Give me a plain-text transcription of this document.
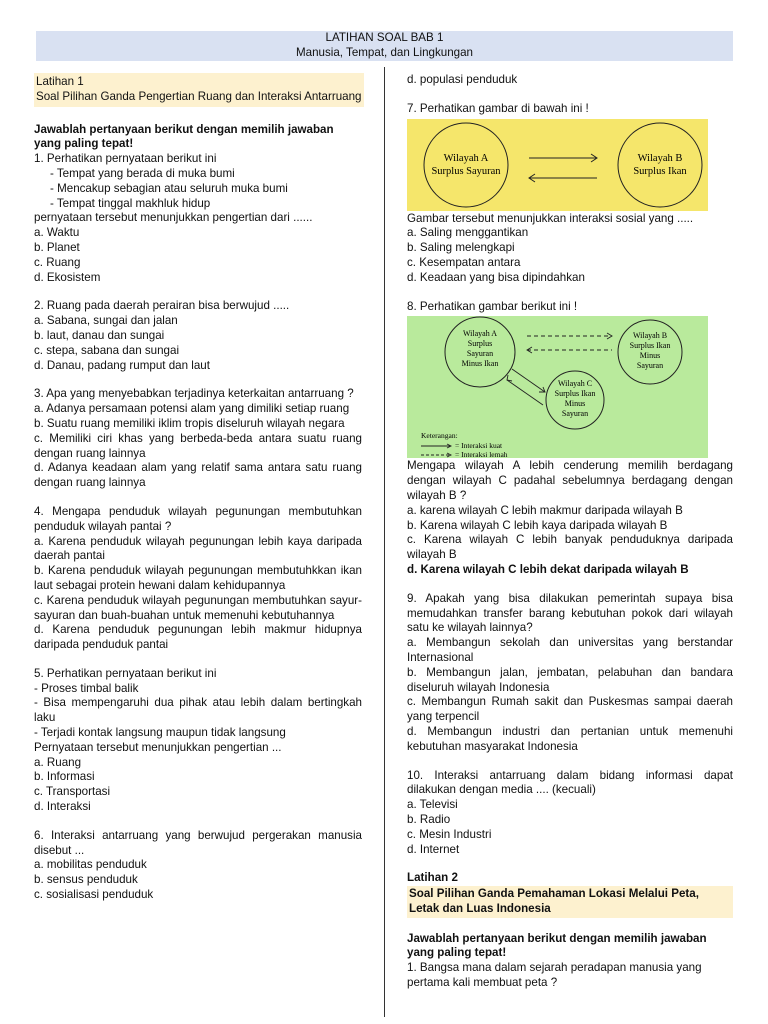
LATIHAN SOAL BAB 1
Manusia, Tempat, dan Lingkungan
Latihan 1
Soal Pilihan Ganda Pengertian Ruang dan Interaksi Antarruang
Jawablah pertanyaan berikut dengan memilih jawaban yang paling tepat!
1. Perhatikan pernyataan berikut ini
- Tempat yang berada di muka bumi
- Mencakup sebagian atau seluruh muka bumi
- Tempat tinggal makhluk hidup
pernyataan tersebut menunjukkan pengertian dari ......
a. Waktu
b. Planet
c. Ruang
d. Ekosistem
2. Ruang pada daerah perairan bisa berwujud .....
a. Sabana, sungai dan jalan
b. laut, danau dan sungai
c. stepa, sabana dan sungai
d. Danau, padang rumput dan laut
3. Apa yang menyebabkan terjadinya keterkaitan antarruang ?
a. Adanya persamaan potensi alam yang dimiliki setiap ruang
b. Suatu ruang memiliki iklim tropis diseluruh wilayah negara
c. Memiliki ciri khas yang berbeda-beda antara suatu ruang dengan ruang lainnya
d. Adanya keadaan alam yang relatif sama antara satu ruang dengan ruang lainnya
4. Mengapa penduduk wilayah pegunungan membutuhkan penduduk wilayah pantai ?
a. Karena penduduk wilayah pegunungan lebih kaya daripada daerah pantai
b. Karena penduduk wilayah pegunungan membutuhkkan ikan laut sebagai protein hewani dalam kehidupannya
c. Karena penduduk wilayah pegunungan membutuhkan sayur-sayuran dan buah-buahan untuk memenuhi kebutuhannya
d. Karena penduduk pegunungan lebih makmur hidupnya daripada penduduk pantai
5. Perhatikan pernyataan berikut ini
- Proses timbal balik
- Bisa mempengaruhi dua pihak atau lebih dalam bertingkah laku
- Terjadi kontak langsung maupun tidak langsung
Pernyataan tersebut menunjukkan pengertian ...
a. Ruang
b. Informasi
c. Transportasi
d. Interaksi
6. Interaksi antarruang yang berwujud pergerakan manusia disebut ...
a. mobilitas penduduk
b. sensus penduduk
c. sosialisasi penduduk
d. populasi penduduk
7. Perhatikan gambar di bawah ini !
Wilayah A
Surplus Sayuran
Wilayah B
Surplus Ikan
Gambar tersebut menunjukkan interaksi sosial yang .....
a. Saling menggantikan
b. Saling melengkapi
c. Kesempatan antara
d. Keadaan yang bisa dipindahkan
8. Perhatikan gambar berikut ini !
Wilayah A
Surplus
Sayuran
Minus Ikan
Wilayah B
Surplus Ikan
Minus
Sayuran
Wilayah C
Surplus Ikan
Minus
Sayuran
Keterangan:
= Interaksi kuat
= Interaksi lemah
Mengapa wilayah A lebih cenderung memilih berdagang dengan wilayah C padahal sebelumnya berdagang dengan wilayah B ?
a. karena wilayah C lebih makmur daripada wilayah B
b. Karena wilayah C lebih kaya daripada wilayah B
c. Karena wilayah C lebih banyak penduduknya daripada wilayah B
d. Karena wilayah C lebih dekat daripada wilayah B
9. Apakah yang bisa dilakukan pemerintah supaya bisa memudahkan transfer barang kebutuhan pokok dari wilayah satu ke wilayah lainnya?
a. Membangun sekolah dan universitas yang berstandar Internasional
b. Membangun jalan, jembatan, pelabuhan dan bandara diseluruh wilayah Indonesia
c. Membangun Rumah sakit dan Puskesmas sampai daerah yang terpencil
d. Membangun industri dan pertanian untuk memenuhi kebutuhan masyarakat Indonesia
10. Interaksi antarruang dalam bidang informasi dapat dilakukan dengan media .... (kecuali)
a. Televisi
b. Radio
c. Mesin Industri
d. Internet
Latihan 2
Soal Pilihan Ganda Pemahaman Lokasi Melalui Peta, Letak dan Luas Indonesia
Jawablah pertanyaan berikut dengan memilih jawaban yang paling tepat!
1. Bangsa mana dalam sejarah peradapan manusia yang pertama kali membuat peta ?
